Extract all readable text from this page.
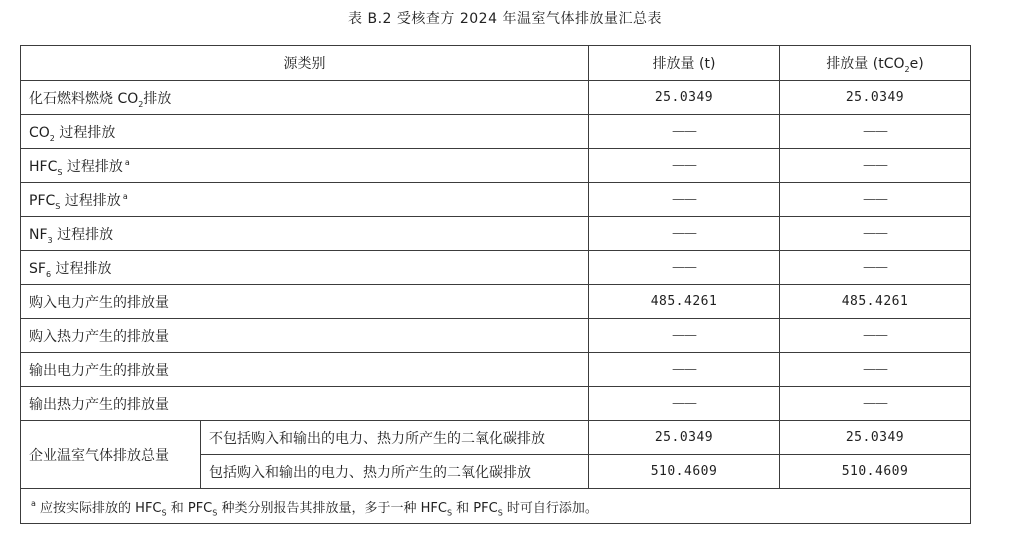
表 B.2 受核查方 2024 年温室气体排放量汇总表
源类别		排放量 (t)	排放量 (tCO$_2$e)
化石燃料燃烧 $CO_2$排放		25.0349	25.0349
$CO_2$ 过程排放		——	——
$HFC_S$ 过程排放 $^a$		——	——
$PFC_S$ 过程排放 $^a$		——	——
$NF_3$ 过程排放		——	——
$SF_6$ 过程排放		——	——
购入电力产生的排放量		485.4261	485.4261
购入热力产生的排放量		——	——
输出电力产生的排放量		——	——
输出热力产生的排放量		——	——
企业温室气体排放总量	不包括购入和输出的电力、热力所产生的二氧化碳排放	25.0349	25.0349
	包括购入和输出的电力、热力所产生的二氧化碳排放	510.4609	510.4609
$^a$ 应按实际排放的 $HFC_S$ 和 $PFC_S$ 种类分别报告其排放量，多于一种 $HFC_S$ 和 $PFC_S$ 时可自行添加。			
